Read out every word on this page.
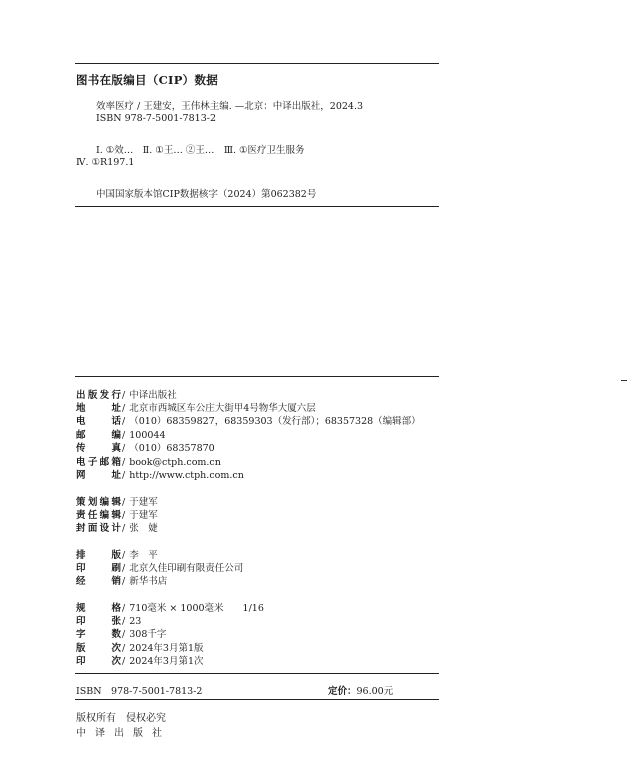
图书在版编目（CIP）数据
效率医疗 / 王建安，王伟林主编. —北京：中译出版社，2024.3
ISBN 978-7-5001-7813-2
Ⅰ. ①效…　Ⅱ. ①王… ②王…　Ⅲ. ①医疗卫生服务
Ⅳ. ①R197.1
中国国家版本馆CIP数据核字（2024）第062382号
出版发行/ 中译出版社
地址/ 北京市西城区车公庄大街甲4号物华大厦六层
电话/ （010）68359827，68359303（发行部）；68357328（编辑部）
邮编/ 100044
传真/ （010）68357870
电子邮箱/ book@ctph.com.cn
网址/ http://www.ctph.com.cn
策划编辑/ 于建军
责任编辑/ 于建军
封面设计/ 张　婕
排版/ 李　平
印刷/ 北京久佳印刷有限责任公司
经销/ 新华书店
规格/ 710毫米 × 1000毫米　　1/16
印张/ 23
字数/ 308千字
版次/ 2024年3月第1版
印次/ 2024年3月第1次
ISBN　978-7-5001-7813-2	定价：96.00元
版权所有　侵权必究
中译出版社
